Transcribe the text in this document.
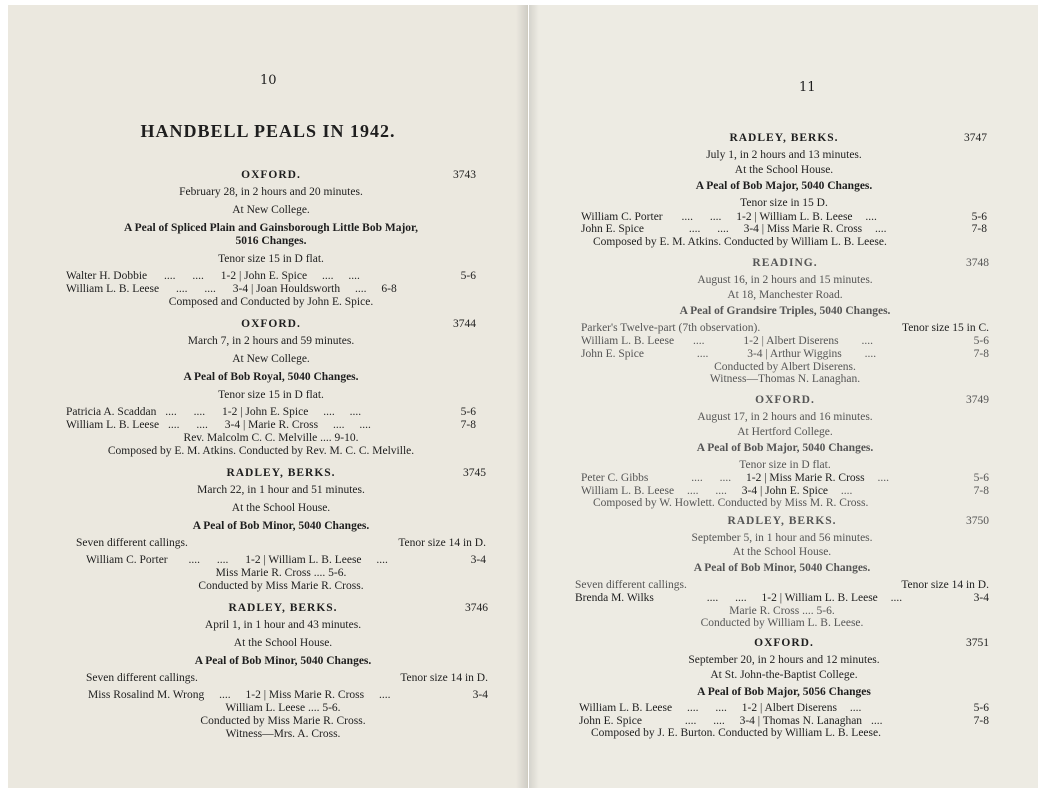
10
HANDBELL PEALS IN 1942.
OXFORD.	3743
February 28, in 2 hours and 20 minutes.
At New College.
A Peal of Spliced Plain and Gainsborough Little Bob Major,
5016 Changes.
Tenor size 15 in D flat.
Walter H. Dobbie .... .... 1-2 | John E. Spice .... ....	5-6
William L. B. Leese .... .... 3-4 | Joan Houldsworth .... 6-8
Composed and Conducted by John E. Spice.
OXFORD.	3744
March 7, in 2 hours and 59 minutes.
At New College.
A Peal of Bob Royal, 5040 Changes.
Tenor size 15 in D flat.
Patricia A. Scaddan .... .... 1-2 | John E. Spice .... ....	5-6
William L. B. Leese .... .... 3-4 | Marie R. Cross .... ....	7-8
Rev. Malcolm C. C. Melville .... 9-10.
Composed by E. M. Atkins. Conducted by Rev. M. C. C. Melville.
RADLEY, BERKS.	3745
March 22, in 1 hour and 51 minutes.
At the School House.
A Peal of Bob Minor, 5040 Changes.
Seven different callings.	Tenor size 14 in D.
William C. Porter .... .... 1-2 | William L. B. Leese ....	3-4
Miss Marie R. Cross .... 5-6.
Conducted by Miss Marie R. Cross.
RADLEY, BERKS.	3746
April 1, in 1 hour and 43 minutes.
At the School House.
A Peal of Bob Minor, 5040 Changes.
Seven different callings.	Tenor size 14 in D.
Miss Rosalind M. Wrong .... 1-2 | Miss Marie R. Cross ....	3-4
William L. Leese .... 5-6.
Conducted by Miss Marie R. Cross.
Witness—Mrs. A. Cross.
11
RADLEY, BERKS.	3747
July 1, in 2 hours and 13 minutes.
At the School House.
A Peal of Bob Major, 5040 Changes.
Tenor size in 15 D.
William C. Porter .... .... 1-2 | William L. B. Leese ....	5-6
John E. Spice	.... .... 3-4 | Miss Marie R. Cross ....	7-8
Composed by E. M. Atkins. Conducted by William L. B. Leese.
READING.	3748
August 16, in 2 hours and 15 minutes.
At 18, Manchester Road.
A Peal of Grandsire Triples, 5040 Changes.
Parker's Twelve-part (7th observation).	Tenor size 15 in C.
William L. B. Leese ....	1-2 | Albert Diserens ....	5-6
John E. Spice	....	3-4 | Arthur Wiggins ....	7-8
Conducted by Albert Diserens.
Witness—Thomas N. Lanaghan.
OXFORD.	3749
August 17, in 2 hours and 16 minutes.
At Hertford College.
A Peal of Bob Major, 5040 Changes.
Tenor size in D flat.
Peter C. Gibbs	.... .... 1-2 | Miss Marie R. Cross ....	5-6
William L. B. Leese .... .... 3-4 | John E. Spice ....	7-8
Composed by W. Howlett. Conducted by Miss M. R. Cross.
RADLEY, BERKS.	3750
September 5, in 1 hour and 56 minutes.
At the School House.
A Peal of Bob Minor, 5040 Changes.
Seven different callings.	Tenor size 14 in D.
Brenda M. Wilks	.... .... 1-2 | William L. B. Leese ....	3-4
Marie R. Cross .... 5-6.
Conducted by William L. B. Leese.
OXFORD.	3751
September 20, in 2 hours and 12 minutes.
At St. John-the-Baptist College.
A Peal of Bob Major, 5056 Changes
William L. B. Leese .... .... 1-2 | Albert Diserens ....	5-6
John E. Spice	.... .... 3-4 | Thomas N. Lanaghan ....	7-8
Composed by J. E. Burton. Conducted by William L. B. Leese.
